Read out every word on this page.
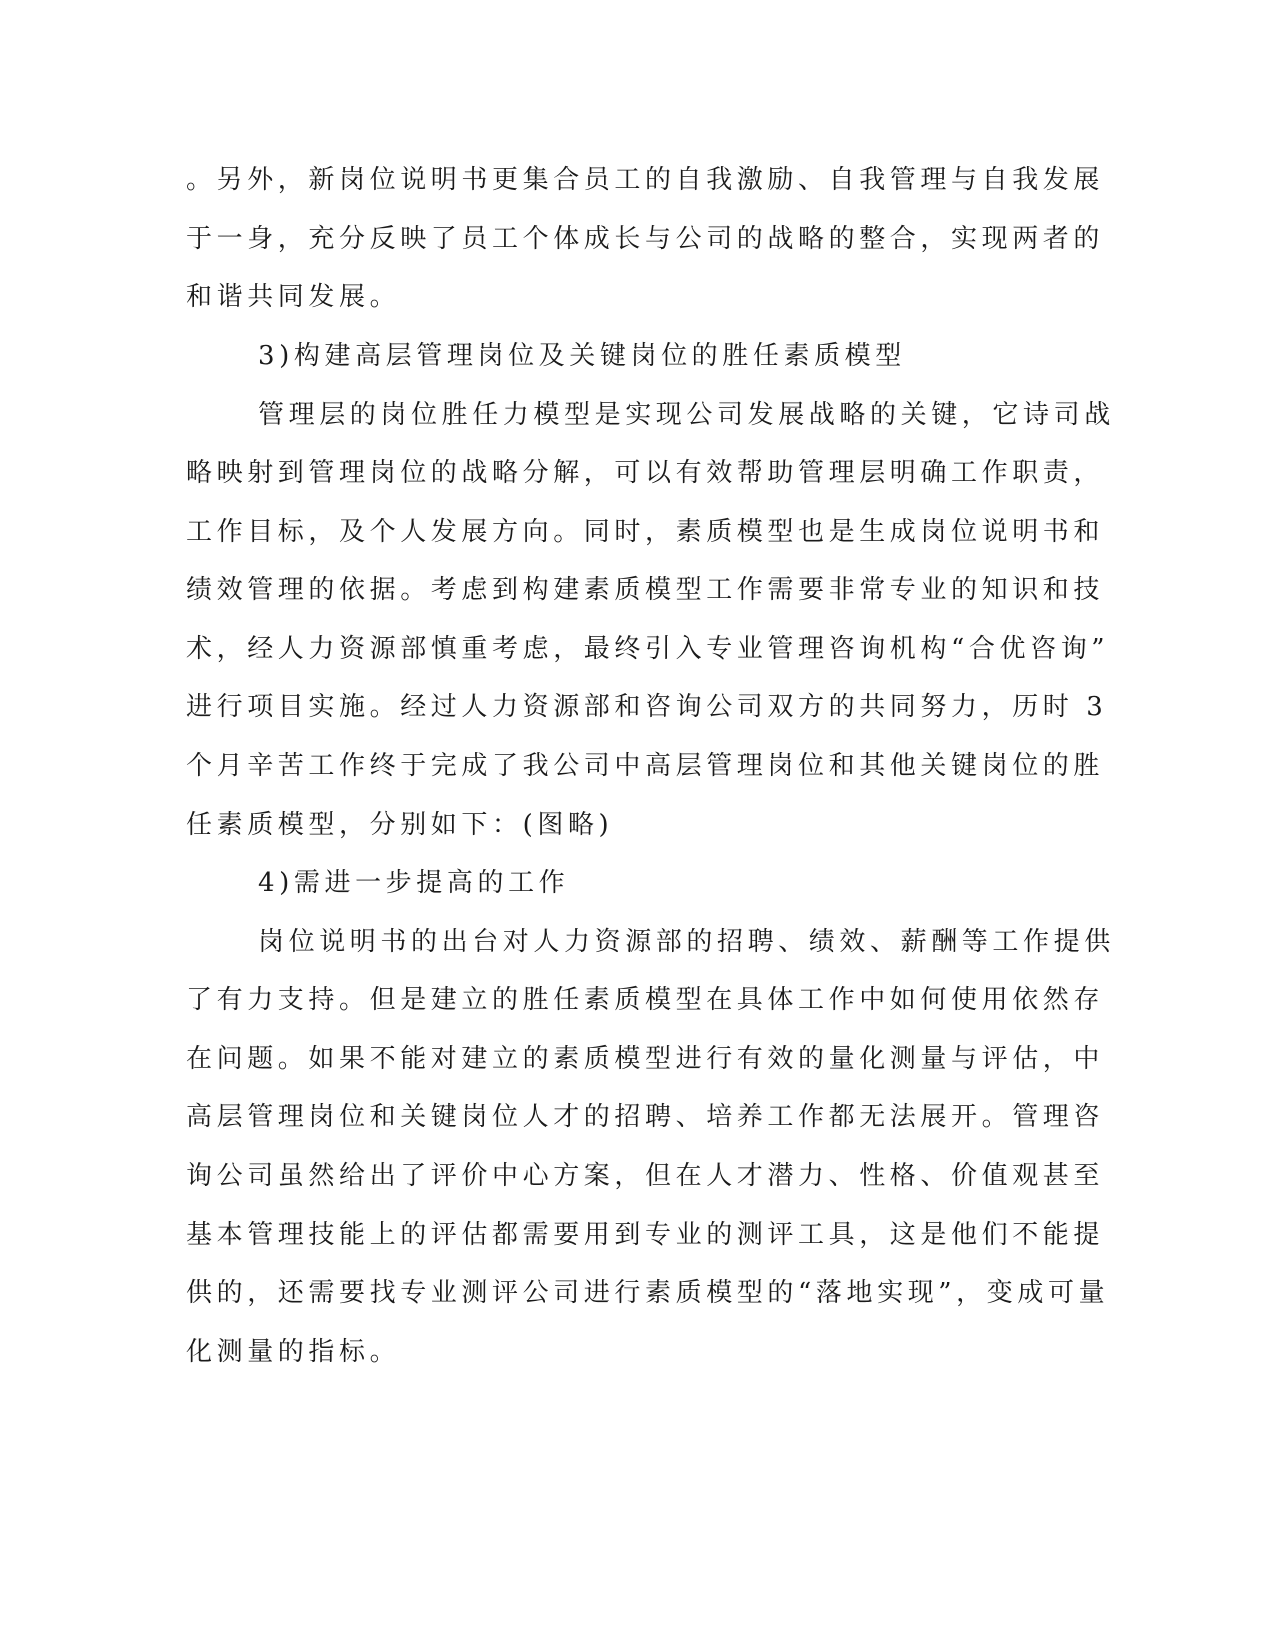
。另外，新岗位说明书更集合员工的自我激励、自我管理与自我发展
于一身，充分反映了员工个体成长与公司的战略的整合，实现两者的
和谐共同发展。
3)构建高层管理岗位及关键岗位的胜任素质模型
管理层的岗位胜任力模型是实现公司发展战略的关键，它诗司战
略映射到管理岗位的战略分解，可以有效帮助管理层明确工作职责，
工作目标，及个人发展方向。同时，素质模型也是生成岗位说明书和
绩效管理的依据。考虑到构建素质模型工作需要非常专业的知识和技
术，经人力资源部慎重考虑，最终引入专业管理咨询机构“合优咨询”
进行项目实施。经过人力资源部和咨询公司双方的共同努力，历时 3
个月辛苦工作终于完成了我公司中高层管理岗位和其他关键岗位的胜
任素质模型，分别如下：(图略)
4)需进一步提高的工作
岗位说明书的出台对人力资源部的招聘、绩效、薪酬等工作提供
了有力支持。但是建立的胜任素质模型在具体工作中如何使用依然存
在问题。如果不能对建立的素质模型进行有效的量化测量与评估，中
高层管理岗位和关键岗位人才的招聘、培养工作都无法展开。管理咨
询公司虽然给出了评价中心方案，但在人才潜力、性格、价值观甚至
基本管理技能上的评估都需要用到专业的测评工具，这是他们不能提
供的，还需要找专业测评公司进行素质模型的“落地实现”，变成可量
化测量的指标。
